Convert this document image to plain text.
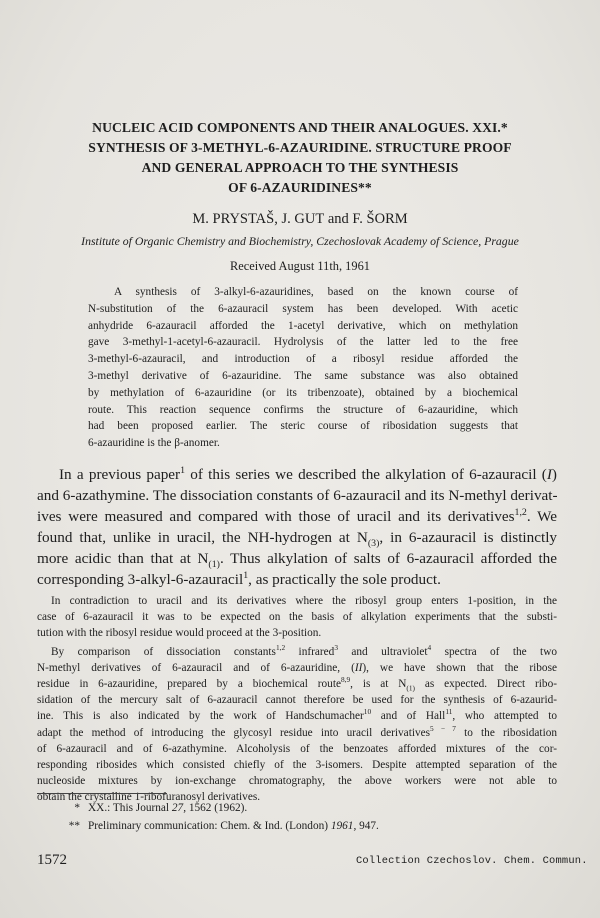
NUCLEIC ACID COMPONENTS AND THEIR ANALOGUES. XXI.*
SYNTHESIS OF 3-METHYL-6-AZAURIDINE. STRUCTURE PROOF
AND GENERAL APPROACH TO THE SYNTHESIS
OF 6-AZAURIDINES**
M. PRYSTAŠ, J. GUT and F. ŠORM
Institute of Organic Chemistry and Biochemistry, Czechoslovak Academy of Science, Prague
Received August 11th, 1961
A synthesis of 3-alkyl-6-azauridines, based on the known course of
N-substitution of the 6-azauracil system has been developed. With acetic
anhydride 6-azauracil afforded the 1-acetyl derivative, which on methylation
gave 3-methyl-1-acetyl-6-azauracil. Hydrolysis of the latter led to the free
3-methyl-6-azauracil, and introduction of a ribosyl residue afforded the
3-methyl derivative of 6-azauridine. The same substance was also obtained
by methylation of 6-azauridine (or its tribenzoate), obtained by a biochemical
route. This reaction sequence confirms the structure of 6-azauridine, which
had been proposed earlier. The steric course of ribosidation suggests that
6-azauridine is the β-anomer.
In a previous paper$^1$ of this series we described the alkylation of 6-azauracil (I)
and 6-azathymine. The dissociation constants of 6-azauracil and its N-methyl derivat-
ives were measured and compared with those of uracil and its derivatives$^{1,2}$. We
found that, unlike in uracil, the NH-hydrogen at $N_{(3)}$, in 6-azauracil is distinctly
more acidic than that at $N_{(1)}$. Thus alkylation of salts of 6-azauracil afforded the
corresponding 3-alkyl-6-azauracil$^1$, as practically the sole product.
In contradiction to uracil and its derivatives where the ribosyl group enters 1-position, in the
case of 6-azauracil it was to be expected on the basis of alkylation experiments that the substi-
tution with the ribosyl residue would proceed at the 3-position.
By comparison of dissociation constants$^{1,2}$ infrared$^3$ and ultraviolet$^4$ spectra of the two
N-methyl derivatives of 6-azauracil and of 6-azauridine, (II), we have shown that the ribose
residue in 6-azauridine, prepared by a biochemical route$^{8,9}$, is at $N_{(1)}$ as expected. Direct ribo-
sidation of the mercury salt of 6-azauracil cannot therefore be used for the synthesis of 6-azaurid-
ine. This is also indicated by the work of Handschumacher$^{10}$ and of Hall$^{11}$, who attempted to
adapt the method of introducing the glycosyl residue into uracil derivatives$^{5 - 7}$ to the ribosidation
of 6-azauracil and of 6-azathymine. Alcoholysis of the benzoates afforded mixtures of the cor-
responding ribosides which consisted chiefly of the 3-isomers. Despite attempted separation of the
nucleoside mixtures by ion-exchange chromatography, the above workers were not able to
obtain the crystalline 1-ribofuranosyl derivatives.
* XX.: This Journal 27, 1562 (1962).
** Preliminary communication: Chem. & Ind. (London) 1961, 947.
1572	Collection Czechoslov. Chem. Commun.
